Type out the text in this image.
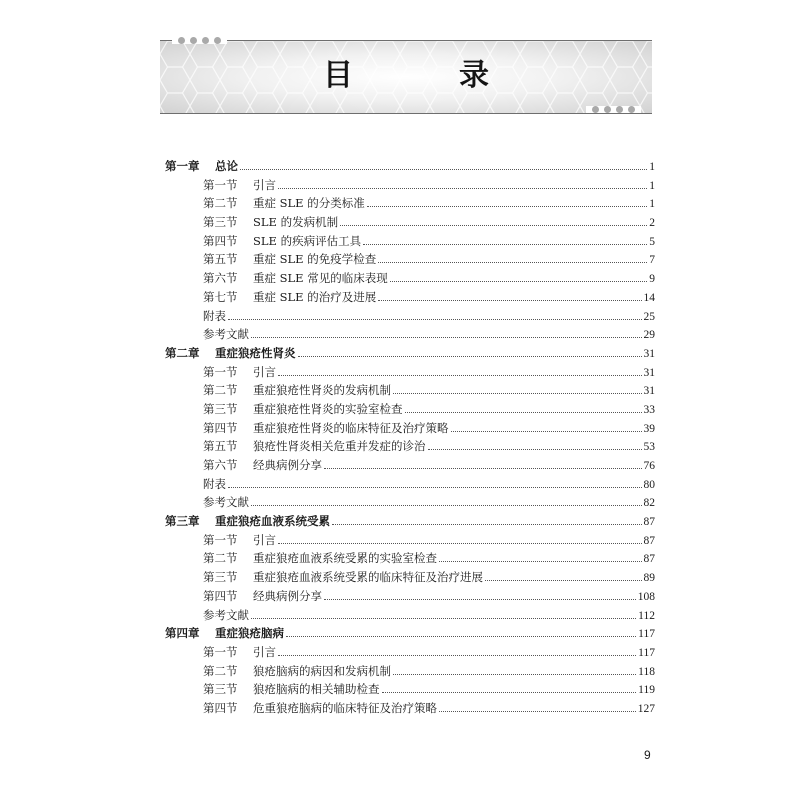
目　录
第一章	总论	1
第一节	引言	1
第二节	重症 SLE 的分类标准	1
第三节	SLE 的发病机制	2
第四节	SLE 的疾病评估工具	5
第五节	重症 SLE 的免疫学检查	7
第六节	重症 SLE 常见的临床表现	9
第七节	重症 SLE 的治疗及进展	14
附表	25
参考文献	29
第二章	重症狼疮性肾炎	31
第一节	引言	31
第二节	重症狼疮性肾炎的发病机制	31
第三节	重症狼疮性肾炎的实验室检查	33
第四节	重症狼疮性肾炎的临床特征及治疗策略	39
第五节	狼疮性肾炎相关危重并发症的诊治	53
第六节	经典病例分享	76
附表	80
参考文献	82
第三章	重症狼疮血液系统受累	87
第一节	引言	87
第二节	重症狼疮血液系统受累的实验室检查	87
第三节	重症狼疮血液系统受累的临床特征及治疗进展	89
第四节	经典病例分享	108
参考文献	112
第四章	重症狼疮脑病	117
第一节	引言	117
第二节	狼疮脑病的病因和发病机制	118
第三节	狼疮脑病的相关辅助检查	119
第四节	危重狼疮脑病的临床特征及治疗策略	127
9
